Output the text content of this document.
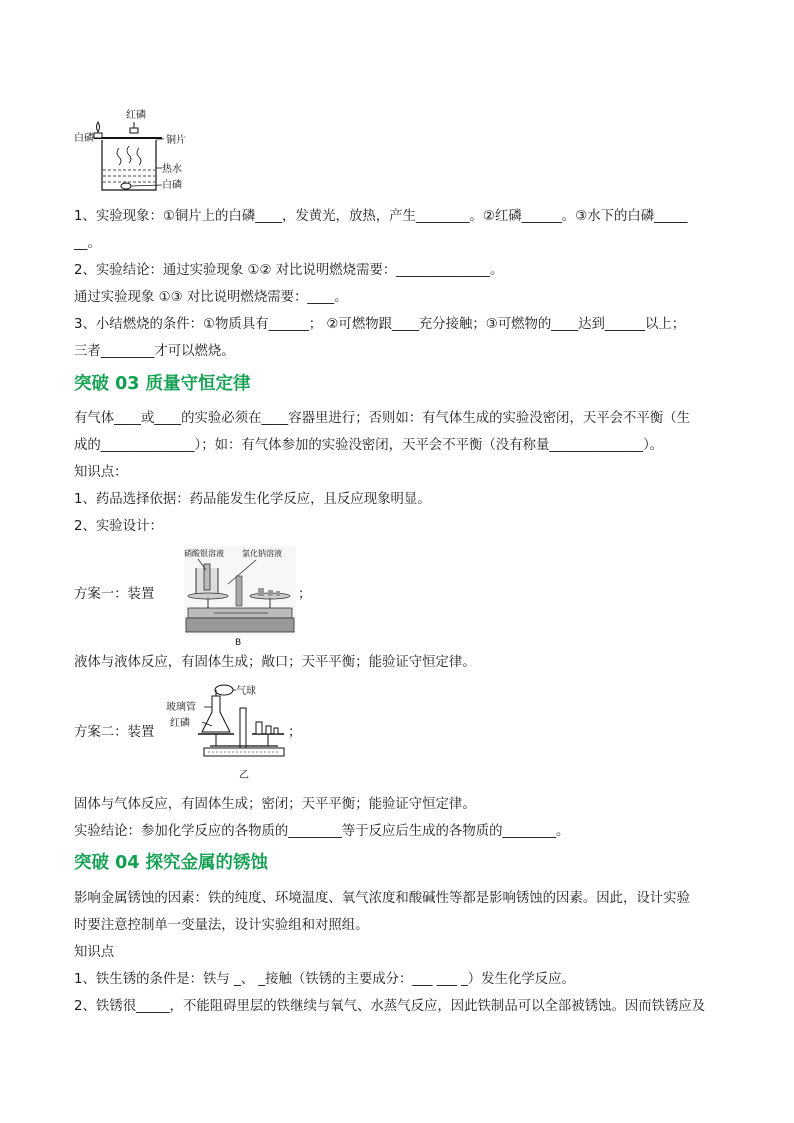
红磷
白磷	铜片
热水
白磷
1、实验现象：①铜片上的白磷____，发黄光，放热，产生________。②红磷______。③水下的白磷_____
__。
2、实验结论：通过实验现象 ①② 对比说明燃烧需要：______________。
通过实验现象 ①③ 对比说明燃烧需要：____。
3、小结燃烧的条件：①物质具有______； ②可燃物跟____充分接触；③可燃物的____达到______以上；
三者________才可以燃烧。
突破 03 质量守恒定律
有气体____或____的实验必须在____容器里进行；否则如：有气体生成的实验没密闭，天平会不平衡（生
成的______________）；如：有气体参加的实验没密闭，天平会不平衡（没有称量______________）。
知识点：
1、药品选择依据：药品能发生化学反应，且反应现象明显。
2、实验设计：
方案一：装置
硝酸银溶液 氯化钠溶液
B
；
液体与液体反应，有固体生成；敞口；天平平衡；能验证守恒定律。
方案二：装置
气球
玻璃管
红磷
乙
；
固体与气体反应，有固体生成；密闭；天平平衡；能验证守恒定律。
实验结论：参加化学反应的各物质的________等于反应后生成的各物质的________。
突破 04 探究金属的锈蚀
影响金属锈蚀的因素：铁的纯度、环境温度、氧气浓度和酸碱性等都是影响锈蚀的因素。因此，设计实验
时要注意控制单一变量法，设计实验组和对照组。
知识点
1、铁生锈的条件是：铁与 _、 _接触（铁锈的主要成分：___ ___ _）发生化学反应。
2、铁锈很_____，不能阻碍里层的铁继续与氧气、水蒸气反应，因此铁制品可以全部被锈蚀。因而铁锈应及
